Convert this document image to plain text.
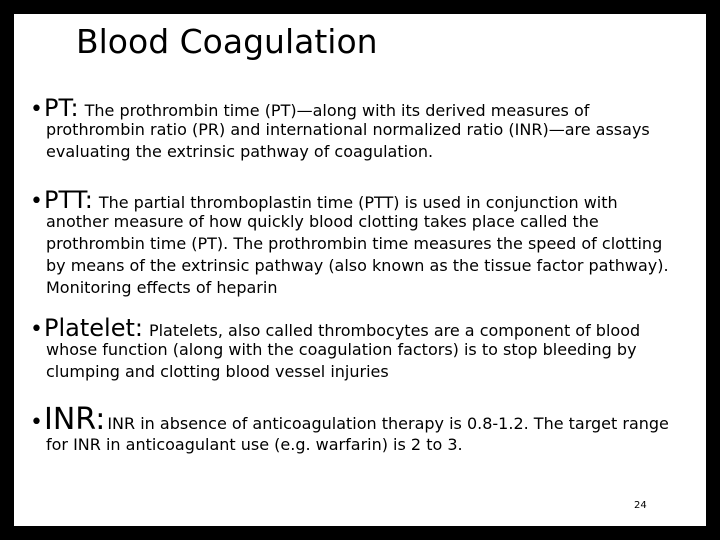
Blood Coagulation
•PT: The prothrombin time (PT)—along with its derived measures of
prothrombin ratio (PR) and international normalized ratio (INR)—are assays
evaluating the extrinsic pathway of coagulation.
•PTT: The partial thromboplastin time (PTT) is used in conjunction with
another measure of how quickly blood clotting takes place called the
prothrombin time (PT). The prothrombin time measures the speed of clotting
by means of the extrinsic pathway (also known as the tissue factor pathway).
Monitoring effects of heparin
•Platelet: Platelets, also called thrombocytes are a component of blood
whose function (along with the coagulation factors) is to stop bleeding by
clumping and clotting blood vessel injuries
•INR: INR in absence of anticoagulation therapy is 0.8-1.2. The target range
for INR in anticoagulant use (e.g. warfarin) is 2 to 3.
24
